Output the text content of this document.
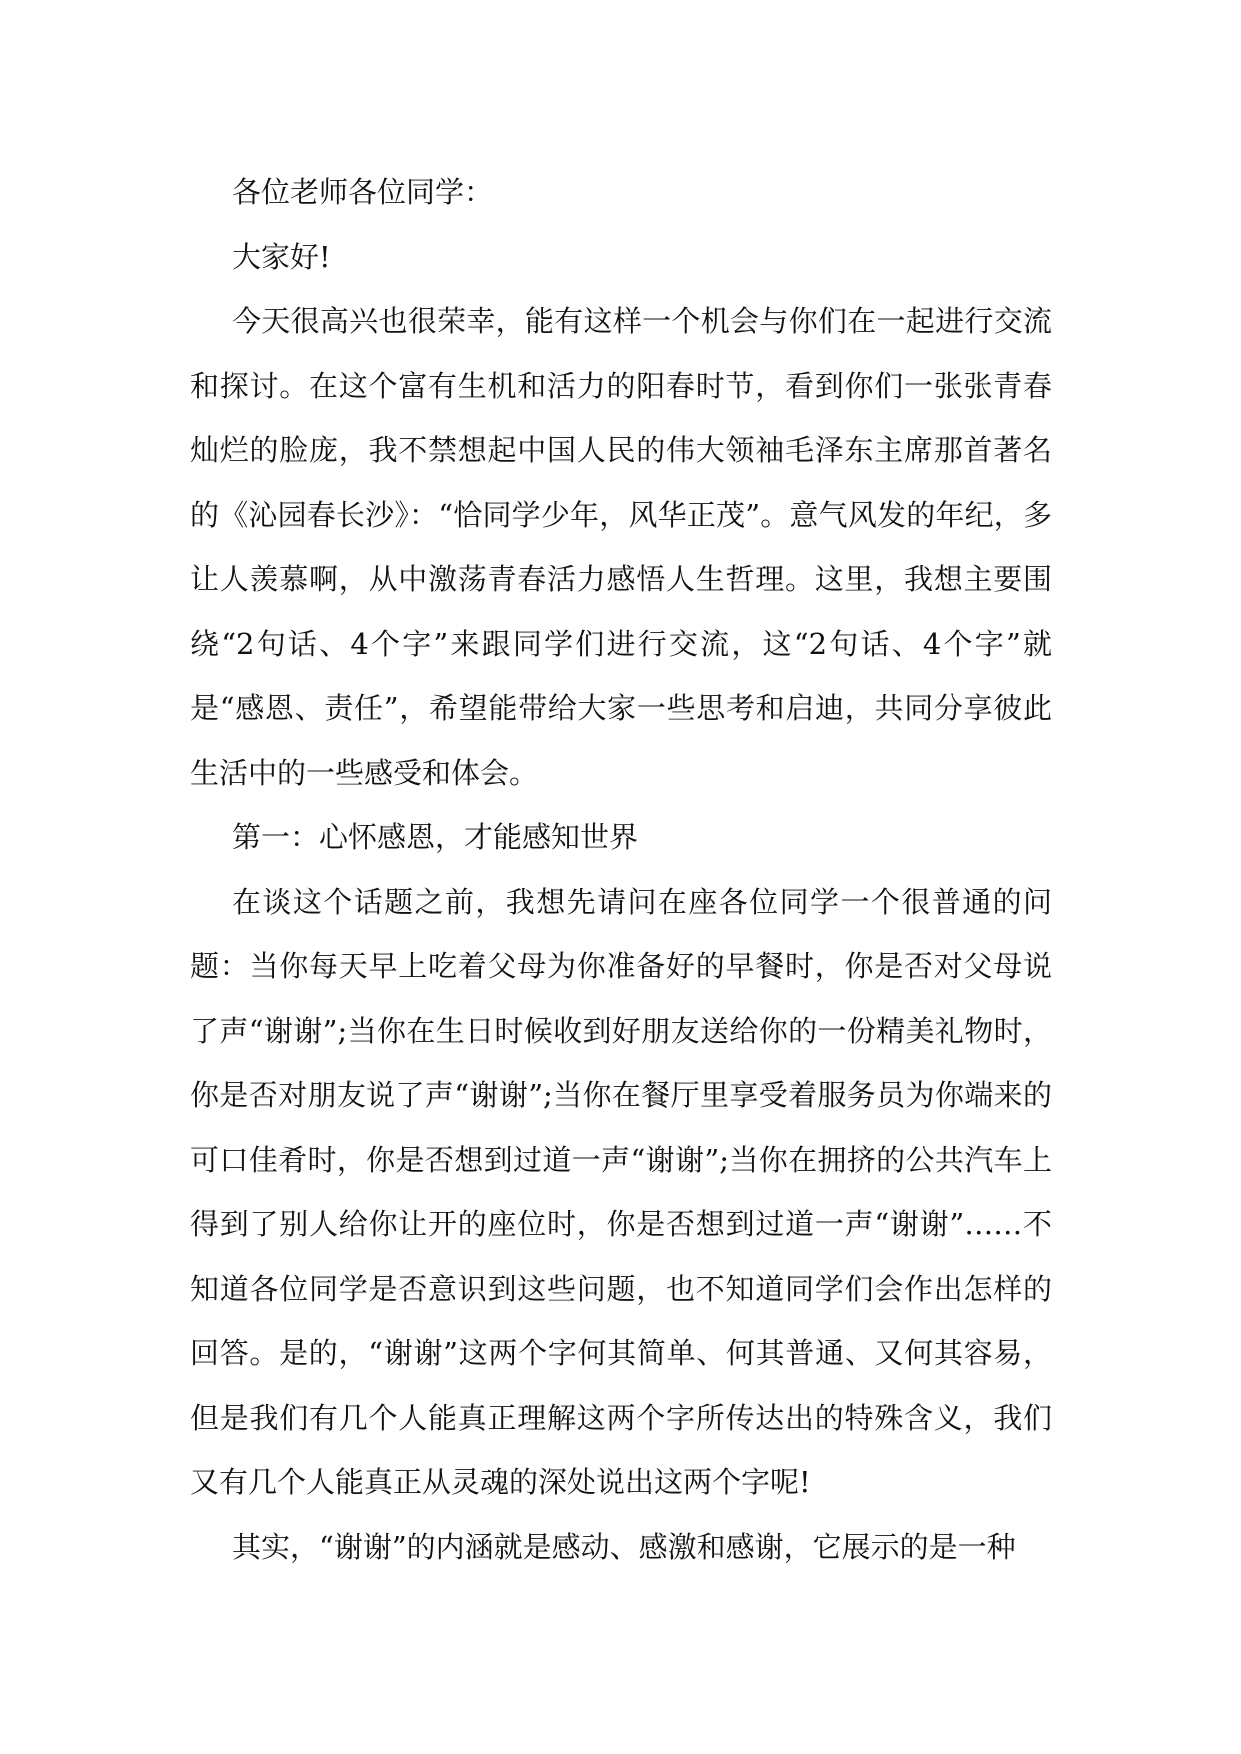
各位老师各位同学：

大家好!

今天很高兴也很荣幸，能有这样一个机会与你们在一起进行交流和探讨。在这个富有生机和活力的阳春时节，看到你们一张张青春灿烂的脸庞，我不禁想起中国人民的伟大领袖毛泽东主席那首著名的《沁园春长沙》：“恰同学少年，风华正茂”。意气风发的年纪，多让人羡慕啊，从中激荡青春活力感悟人生哲理。这里，我想主要围绕“2句话、4个字”来跟同学们进行交流，这“2句话、4个字”就是“感恩、责任”，希望能带给大家一些思考和启迪，共同分享彼此生活中的一些感受和体会。

第一：心怀感恩，才能感知世界

在谈这个话题之前，我想先请问在座各位同学一个很普通的问题：当你每天早上吃着父母为你准备好的早餐时，你是否对父母说了声“谢谢”;当你在生日时候收到好朋友送给你的一份精美礼物时，你是否对朋友说了声“谢谢”;当你在餐厅里享受着服务员为你端来的可口佳肴时，你是否想到过道一声“谢谢”;当你在拥挤的公共汽车上得到了别人给你让开的座位时，你是否想到过道一声“谢谢”……不知道各位同学是否意识到这些问题，也不知道同学们会作出怎样的回答。是的，“谢谢”这两个字何其简单、何其普通、又何其容易，但是我们有几个人能真正理解这两个字所传达出的特殊含义，我们又有几个人能真正从灵魂的深处说出这两个字呢!

其实，“谢谢”的内涵就是感动、感激和感谢，它展示的是一种
